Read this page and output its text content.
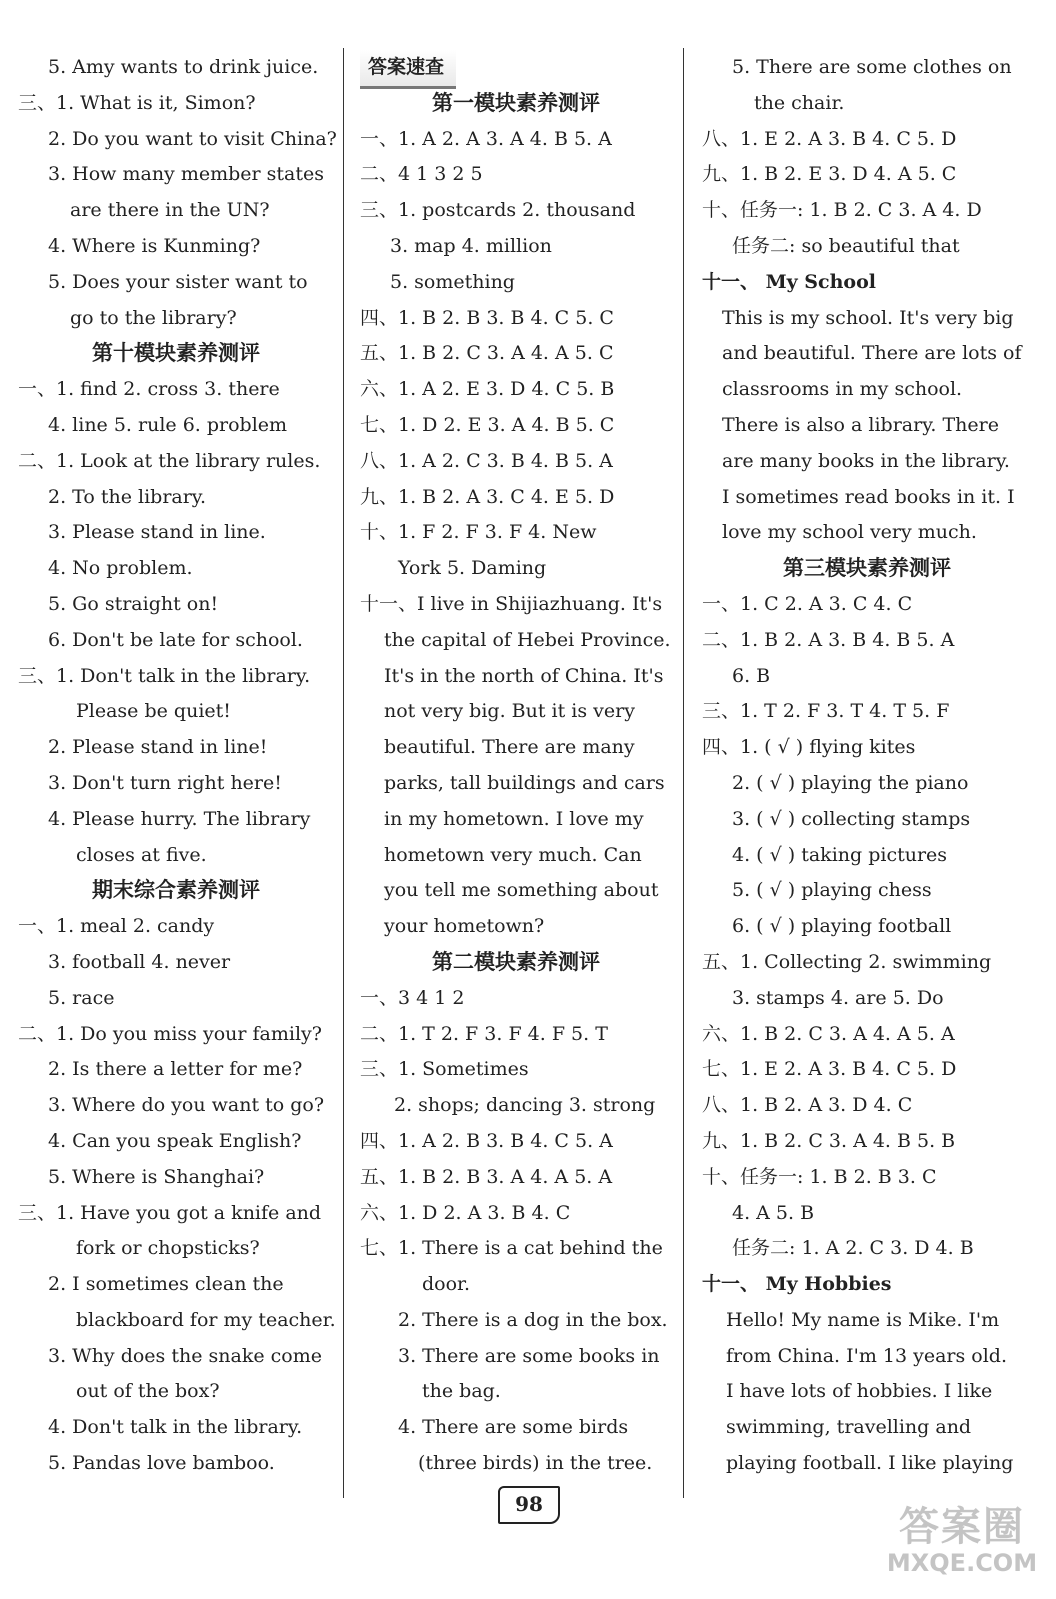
5. Amy wants to drink juice.
三、1. What is it, Simon?
2. Do you want to visit China?
3. How many member states
are there in the UN?
4. Where is Kunming?
5. Does your sister want to
go to the library?
第十模块素养测评
一、1. find 2. cross 3. there
4. line 5. rule 6. problem
二、1. Look at the library rules.
2. To the library.
3. Please stand in line.
4. No problem.
5. Go straight on!
6. Don't be late for school.
三、1. Don't talk in the library.
Please be quiet!
2. Please stand in line!
3. Don't turn right here!
4. Please hurry. The library
closes at five.
期末综合素养测评
一、1. meal 2. candy
3. football 4. never
5. race
二、1. Do you miss your family?
2. Is there a letter for me?
3. Where do you want to go?
4. Can you speak English?
5. Where is Shanghai?
三、1. Have you got a knife and
fork or chopsticks?
2. I sometimes clean the
blackboard for my teacher.
3. Why does the snake come
out of the box?
4. Don't talk in the library.
5. Pandas love bamboo.
答案速查
第一模块素养测评
一、1. A 2. A 3. A 4. B 5. A
二、4 1 3 2 5
三、1. postcards 2. thousand
3. map 4. million
5. something
四、1. B 2. B 3. B 4. C 5. C
五、1. B 2. C 3. A 4. A 5. C
六、1. A 2. E 3. D 4. C 5. B
七、1. D 2. E 3. A 4. B 5. C
八、1. A 2. C 3. B 4. B 5. A
九、1. B 2. A 3. C 4. E 5. D
十、1. F 2. F 3. F 4. New
York 5. Daming
十一、I live in Shijiazhuang. It's
the capital of Hebei Province.
It's in the north of China. It's
not very big. But it is very
beautiful. There are many
parks, tall buildings and cars
in my hometown. I love my
hometown very much. Can
you tell me something about
your hometown?
第二模块素养测评
一、3 4 1 2
二、1. T 2. F 3. F 4. F 5. T
三、1. Sometimes
2. shops; dancing 3. strong
四、1. A 2. B 3. B 4. C 5. A
五、1. B 2. B 3. A 4. A 5. A
六、1. D 2. A 3. B 4. C
七、1. There is a cat behind the
door.
2. There is a dog in the box.
3. There are some books in
the bag.
4. There are some birds
(three birds) in the tree.
5. There are some clothes on
the chair.
八、1. E 2. A 3. B 4. C 5. D
九、1. B 2. E 3. D 4. A 5. C
十、任务一: 1. B 2. C 3. A 4. D
任务二: so beautiful that
十一、 My School
This is my school. It's very big
and beautiful. There are lots of
classrooms in my school.
There is also a library. There
are many books in the library.
I sometimes read books in it. I
love my school very much.
第三模块素养测评
一、1. C 2. A 3. C 4. C
二、1. B 2. A 3. B 4. B 5. A
6. B
三、1. T 2. F 3. T 4. T 5. F
四、1. ( √ ) flying kites
2. ( √ ) playing the piano
3. ( √ ) collecting stamps
4. ( √ ) taking pictures
5. ( √ ) playing chess
6. ( √ ) playing football
五、1. Collecting 2. swimming
3. stamps 4. are 5. Do
六、1. B 2. C 3. A 4. A 5. A
七、1. E 2. A 3. B 4. C 5. D
八、1. B 2. A 3. D 4. C
九、1. B 2. C 3. A 4. B 5. B
十、任务一: 1. B 2. B 3. C
4. A 5. B
任务二: 1. A 2. C 3. D 4. B
十一、 My Hobbies
Hello! My name is Mike. I'm
from China. I'm 13 years old.
I have lots of hobbies. I like
swimming, travelling and
playing football. I like playing
98	答案圈
MXQE.COM
